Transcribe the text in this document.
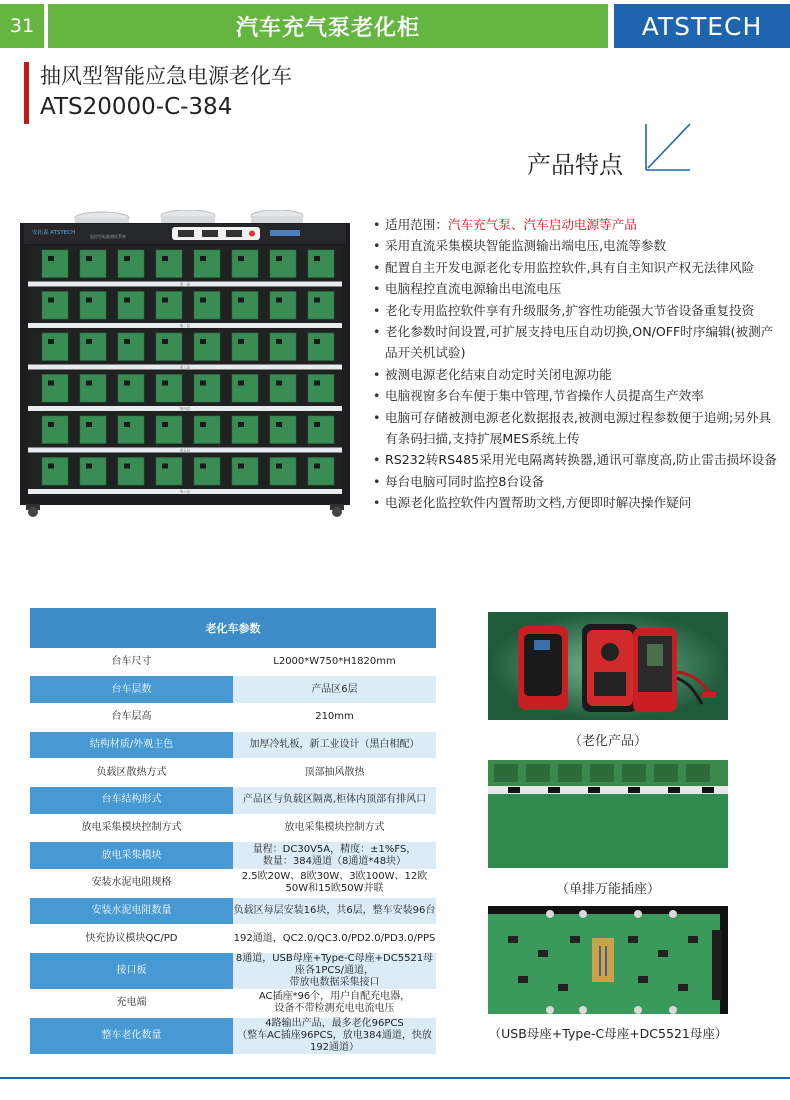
31	汽车充气泵老化柜	ATSTECH
抽风型智能应急电源老化车
ATS20000-C-384
产品特点
安拓森 ATSTECH
监控型电源测试系统
第一层
第二层
第三层
第四层
第五层
第六层
• 适用范围：汽车充气泵、汽车启动电源等产品
• 采用直流采集模块智能监测输出端电压,电流等参数
• 配置自主开发电源老化专用监控软件,具有自主知识产权无法律风险
• 电脑程控直流电源输出电流电压
• 老化专用监控软件享有升级服务,扩容性功能强大节省设备重复投资
• 老化参数时间设置,可扩展支持电压自动切换,ON/OFF时序编辑(被测产品开关机试验)
• 被测电源老化结束自动定时关闭电源功能
• 电脑视窗多台车便于集中管理,节省操作人员提高生产效率
• 电脑可存储被测电源老化数据报表,被测电源过程参数便于追朔;另外具有条码扫描,支持扩展MES系统上传
• RS232转RS485采用光电隔离转换器,通讯可靠度高,防止雷击损坏设备
• 每台电脑可同时监控8台设备
• 电源老化监控软件内置帮助文档,方便即时解决操作疑问
老化车参数	
台车尺寸	L2000*W750*H1820mm
台车层数	产品区6层
台车层高	210mm
结构材质/外观主色	加厚冷轧板，新工业设计（黑白相配）
负载区散热方式	顶部抽风散热
台车结构形式	产品区与负载区隔离,柜体内顶部有排风口
放电采集模块控制方式	放电采集模块控制方式
放电采集模块	量程：DC30V5A，精度：±1%FS，
数量：384通道（8通道*48块）
安装水泥电阻规格	2.5欧20W、8欧30W、3欧100W、12欧50W和15欧50W并联
安装水泥电阻数量	负载区每层安装16块，共6层，整车安装96台
快充协议模块QC/PD	192通道，QC2.0/QC3.0/PD2.0/PD3.0/PPS
接口板	8通道，USB母座+Type-C母座+DC5521母座各1PCS/通道，
带放电数据采集接口
充电端	AC插座*96个，用户自配充电器，
设备不带检测充电电流电压
整车老化数量	4路输出产品，最多老化96PCS
（整车AC插座96PCS，放电384通道，快放192通道）
（老化产品）
（单排万能插座）
（USB母座+Type-C母座+DC5521母座）
